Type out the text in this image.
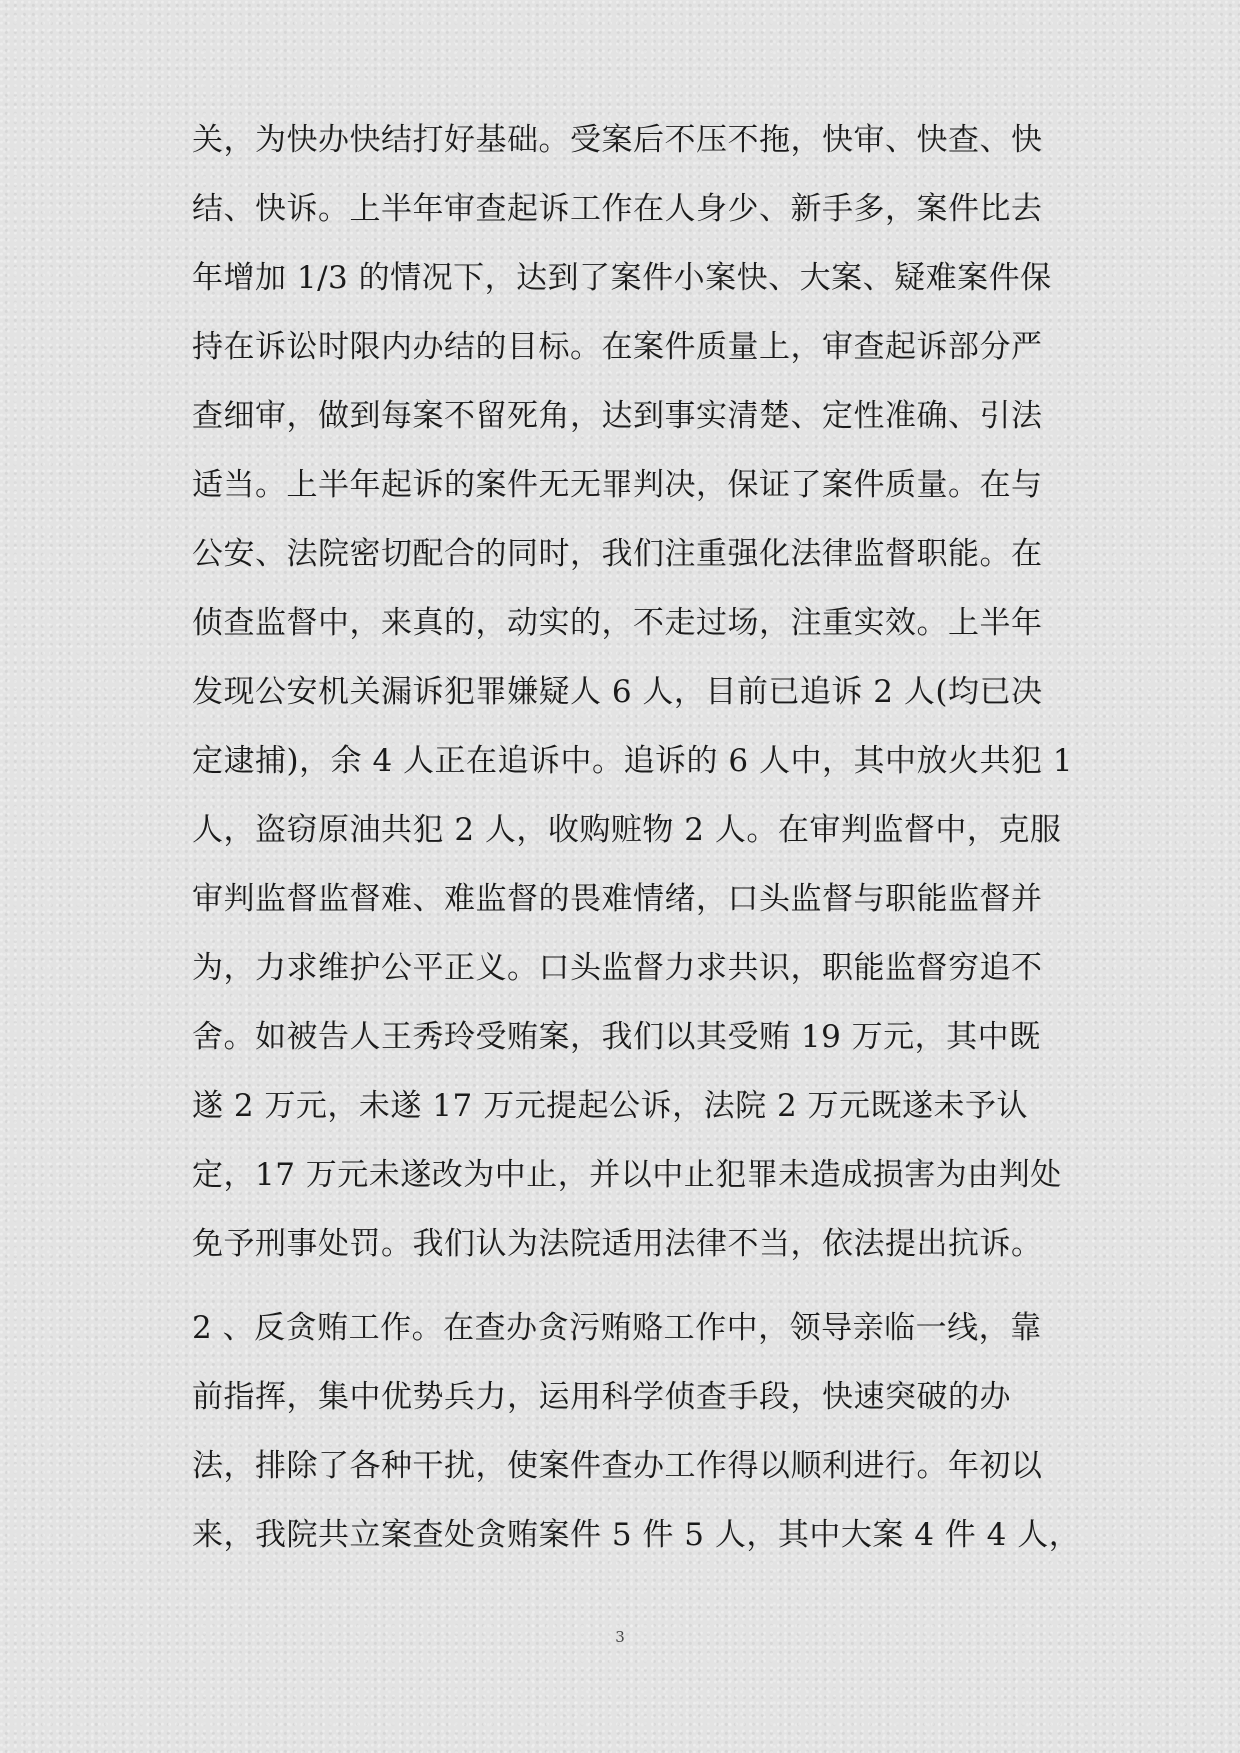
关，为快办快结打好基础。受案后不压不拖，快审、快查、快
结、快诉。上半年审查起诉工作在人身少、新手多，案件比去
年增加 1/3 的情况下，达到了案件小案快、大案、疑难案件保
持在诉讼时限内办结的目标。在案件质量上，审查起诉部分严
查细审，做到每案不留死角，达到事实清楚、定性准确、引法
适当。上半年起诉的案件无无罪判决，保证了案件质量。在与
公安、法院密切配合的同时，我们注重强化法律监督职能。在
侦查监督中，来真的，动实的，不走过场，注重实效。上半年
发现公安机关漏诉犯罪嫌疑人 6 人，目前已追诉 2 人(均已决
定逮捕)，余 4 人正在追诉中。追诉的 6 人中，其中放火共犯 1
人，盗窃原油共犯 2 人，收购赃物 2 人。在审判监督中，克服
审判监督监督难、难监督的畏难情绪，口头监督与职能监督并
为，力求维护公平正义。口头监督力求共识，职能监督穷追不
舍。如被告人王秀玲受贿案，我们以其受贿 19 万元，其中既
遂 2 万元，未遂 17 万元提起公诉，法院 2 万元既遂未予认
定，17 万元未遂改为中止，并以中止犯罪未造成损害为由判处
免予刑事处罚。我们认为法院适用法律不当，依法提出抗诉。
2 、反贪贿工作。在查办贪污贿赂工作中，领导亲临一线，靠
前指挥，集中优势兵力，运用科学侦查手段，快速突破的办
法，排除了各种干扰，使案件查办工作得以顺利进行。年初以
来，我院共立案查处贪贿案件 5 件 5 人，其中大案 4 件 4 人，
3
